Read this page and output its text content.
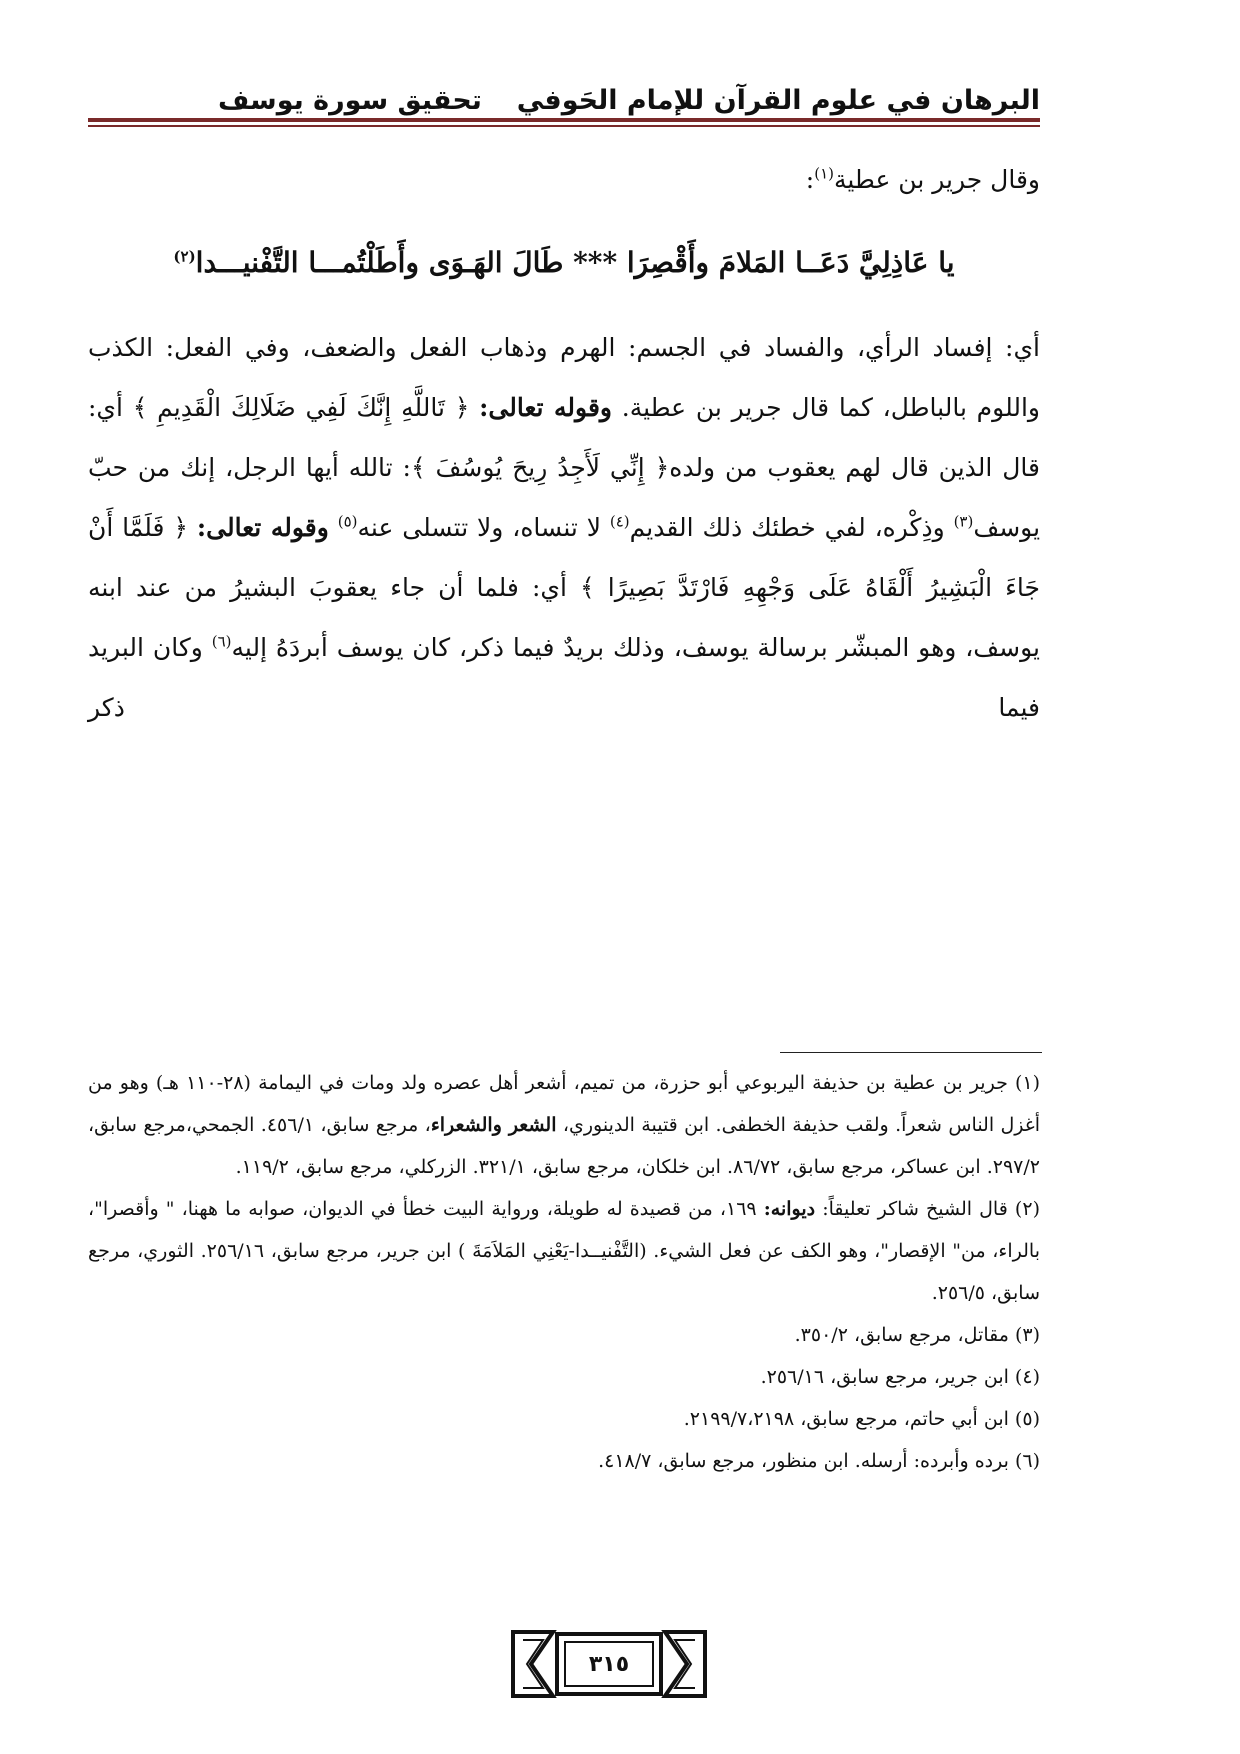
البرهان في علوم القرآن للإمام الحَوفي
تحقيق سورة يوسف
وقال جرير بن عطية$^{(١)}$:
يا عَاذِلِيَّ دَعَــا المَلامَ وأَقْصِرَا *** طَالَ الهَـوَى وأَطَلْتُمـــا التَّفْنيـــدا$^{(٢)}$
أي: إفساد الرأي، والفساد في الجسم: الهرم وذهاب الفعل والضعف، وفي الفعل: الكذب واللوم بالباطل، كما قال جرير بن عطية. وقوله تعالى: ﴿ تَاللَّهِ إِنَّكَ لَفِي ضَلَالِكَ الْقَدِيمِ ﴾ أي: قال الذين قال لهم يعقوب من ولده﴿ إِنِّي لَأَجِدُ رِيحَ يُوسُفَ ﴾: تالله أيها الرجل، إنك من حبّ يوسف$^{(٣)}$ وذِكْره، لفي خطئك ذلك القديم$^{(٤)}$ لا تنساه، ولا تتسلى عنه$^{(٥)}$ وقوله تعالى: ﴿ فَلَمَّا أَنْ جَاءَ الْبَشِيرُ أَلْقَاهُ عَلَى وَجْهِهِ فَارْتَدَّ بَصِيرًا ﴾ أي: فلما أن جاء يعقوبَ البشيرُ من عند ابنه يوسف، وهو المبشّر برسالة يوسف، وذلك بريدٌ فيما ذكر، كان يوسف أبردَهُ إليه$^{(٦)}$ وكان البريد فيما ذكر
(١) جرير بن عطية بن حذيفة اليربوعي أبو حزرة، من تميم، أشعر أهل عصره ولد ومات في اليمامة (٢٨-١١٠ هـ) وهو من أغزل الناس شعراً. ولقب حذيفة الخطفى. ابن قتيبة الدينوري، الشعر والشعراء، مرجع سابق، ٤٥٦/١. الجمحي،مرجع سابق، ٢٩٧/٢. ابن عساكر، مرجع سابق، ٨٦/٧٢. ابن خلكان، مرجع سابق، ٣٢١/١. الزركلي، مرجع سابق، ١١٩/٢.
(٢) قال الشيخ شاكر تعليقاً: ديوانه: ١٦٩، من قصيدة له طويلة، ورواية البيت خطأ في الديوان، صوابه ما ههنا، " وأقصرا"، بالراء، من" الإقصار"، وهو الكف عن فعل الشيء. (التَّفْنيــدا-يَعْنِي المَلاَمَةَ ) ابن جرير، مرجع سابق، ٢٥٦/١٦. الثوري، مرجع سابق، ٢٥٦/٥.
(٣) مقاتل، مرجع سابق، ٣٥٠/٢.
(٤) ابن جرير، مرجع سابق، ٢٥٦/١٦.
(٥) ابن أبي حاتم، مرجع سابق، ٢١٩٩/٧،٢١٩٨.
(٦) برده وأبرده: أرسله. ابن منظور، مرجع سابق، ٤١٨/٧.
٣١٥
